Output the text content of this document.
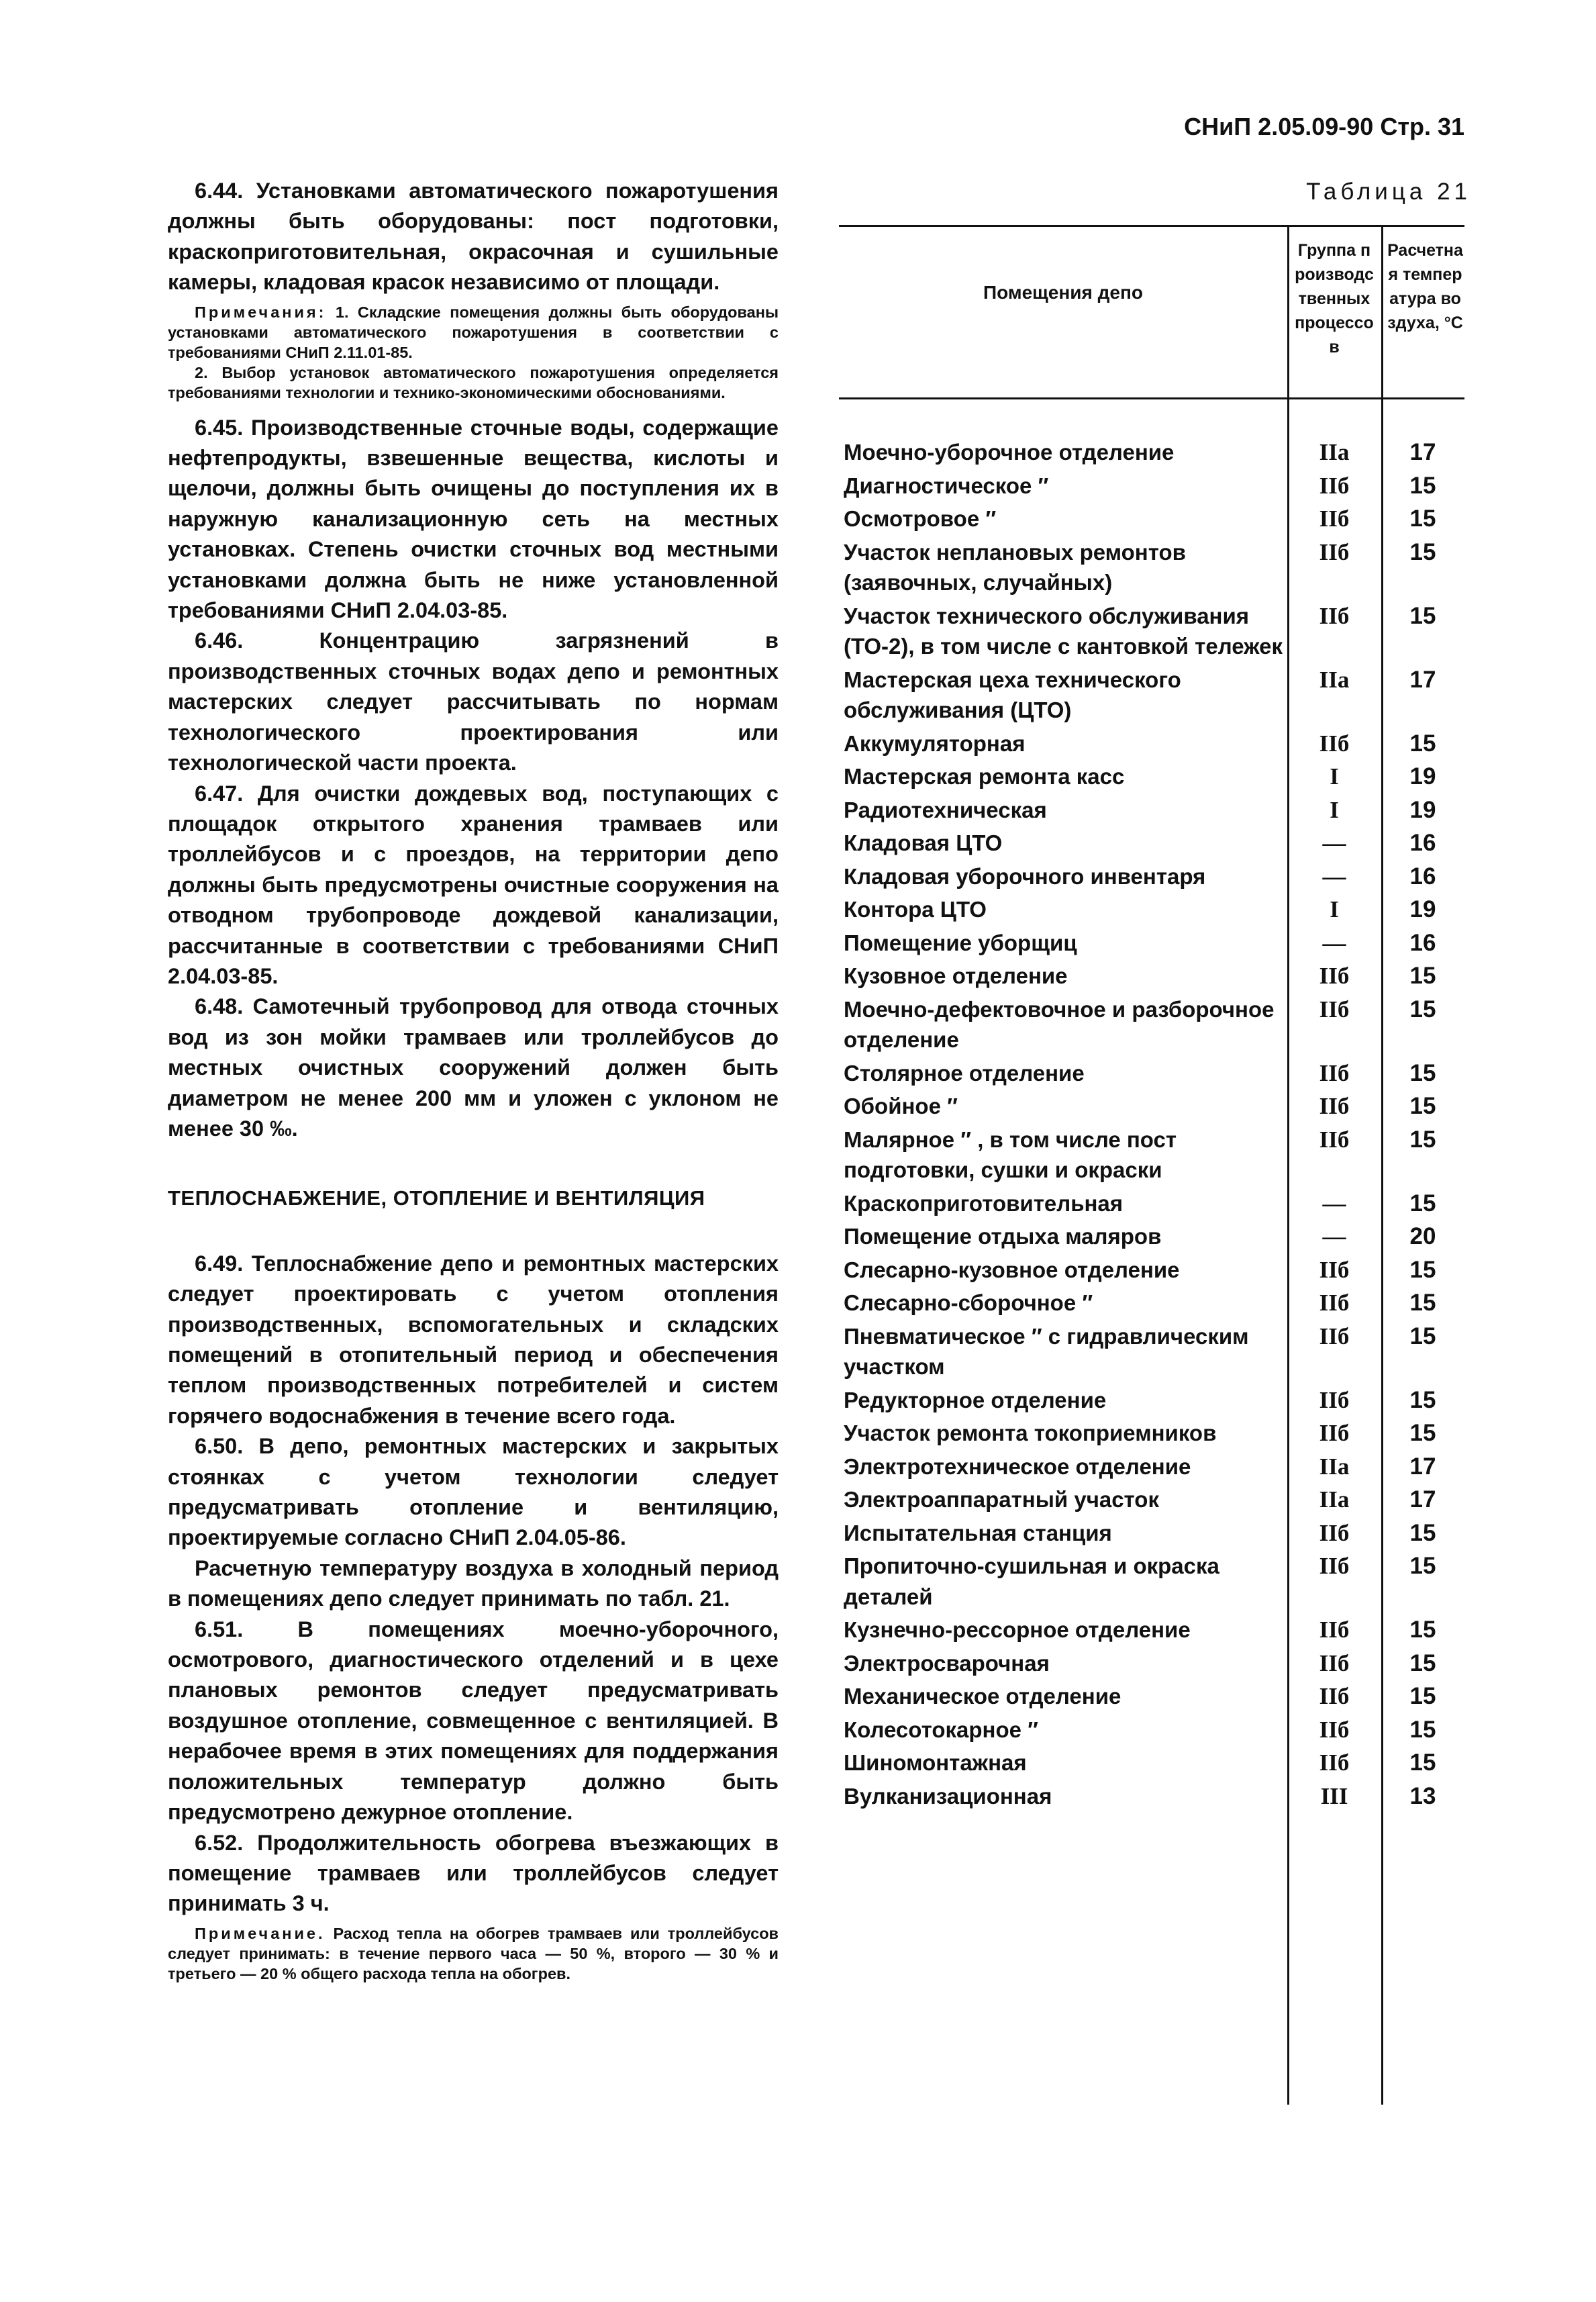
СНиП 2.05.09-90 Стр. 31

6.44. Установками автоматического пожаротушения должны быть оборудованы: пост подготовки, краскоприготовительная, окрасочная и сушильные камеры, кладовая красок независимо от площади.

Примечания: 1. Складские помещения должны быть оборудованы установками автоматического пожаротушения в соответствии с требованиями СНиП 2.11.01-85.

2. Выбор установок автоматического пожаротушения определяется требованиями технологии и технико-экономическими обоснованиями.

6.45. Производственные сточные воды, содержащие нефтепродукты, взвешенные вещества, кислоты и щелочи, должны быть очищены до поступления их в наружную канализационную сеть на местных установках. Степень очистки сточных вод местными установками должна быть не ниже установленной требованиями СНиП 2.04.03-85.

6.46. Концентрацию загрязнений в производственных сточных водах депо и ремонтных мастерских следует рассчитывать по нормам технологического проектирования или технологической части проекта.

6.47. Для очистки дождевых вод, поступающих с площадок открытого хранения трамваев или троллейбусов и с проездов, на территории депо должны быть предусмотрены очистные сооружения на отводном трубопроводе дождевой канализации, рассчитанные в соответствии с требованиями СНиП 2.04.03-85.

6.48. Самотечный трубопровод для отвода сточных вод из зон мойки трамваев или троллейбусов до местных очистных сооружений должен быть диаметром не менее 200 мм и уложен с уклоном не менее 30 ‰.

ТЕПЛОСНАБЖЕНИЕ, ОТОПЛЕНИЕ И ВЕНТИЛЯЦИЯ

6.49. Теплоснабжение депо и ремонтных мастерских следует проектировать с учетом отопления производственных, вспомогательных и складских помещений в отопительный период и обеспечения теплом производственных потребителей и систем горячего водоснабжения в течение всего года.

6.50. В депо, ремонтных мастерских и закрытых стоянках с учетом технологии следует предусматривать отопление и вентиляцию, проектируемые согласно СНиП 2.04.05-86.

Расчетную температуру воздуха в холодный период в помещениях депо следует принимать по табл. 21.

6.51. В помещениях моечно-уборочного, осмотрового, диагностического отделений и в цехе плановых ремонтов следует предусматривать воздушное отопление, совмещенное с вентиляцией. В нерабочее время в этих помещениях для поддержания положительных температур должно быть предусмотрено дежурное отопление.

6.52. Продолжительность обогрева въезжающих в помещение трамваев или троллейбусов следует принимать 3 ч.

Примечание. Расход тепла на обогрев трамваев или троллейбусов следует принимать: в течение первого часа — 50 %, второго — 30 % и третьего — 20 % общего расхода тепла на обогрев.

Таблица 21
Помещения депо
Группа производственных процессов
Расчетная температура воздуха, °С
Моечно-уборочное отделение	IIа	17
Диагностическое ″	IIб	15
Осмотровое ″	IIб	15
Участок неплановых ремонтов (заявочных, случайных)
IIб	15
Участок технического обслуживания (ТО-2), в том числе с кантовкой тележек
IIб	15
Мастерская цеха технического обслуживания (ЦТО)
IIа	17
Аккумуляторная	IIб	15
Мастерская ремонта касс	I	19
Радиотехническая	I	19
Кладовая ЦТО	—	16
Кладовая уборочного инвентаря	—	16
Контора ЦТО	I	19
Помещение уборщиц	—	16
Кузовное отделение	IIб	15
Моечно-дефектовочное и разборочное отделение
IIб	15
Столярное отделение	IIб	15
Обойное ″	IIб	15
Малярное ″ , в том числе пост подготовки, сушки и окраски
IIб	15
Краскоприготовительная	—	15
Помещение отдыха маляров	—	20
Слесарно-кузовное отделение	IIб	15
Слесарно-сборочное ″	IIб	15
Пневматическое ″ с гидравлическим участком
IIб	15
Редукторное отделение	IIб	15
Участок ремонта токоприемников	IIб	15
Электротехническое отделение	IIа	17
Электроаппаратный участок	IIа	17
Испытательная станция	IIб	15
Пропиточно-сушильная и окраска деталей
IIб	15
Кузнечно-рессорное отделение	IIб	15
Электросварочная	IIб	15
Механическое отделение	IIб	15
Колесотокарное ″	IIб	15
Шиномонтажная	IIб	15
Вулканизационная	III	13
